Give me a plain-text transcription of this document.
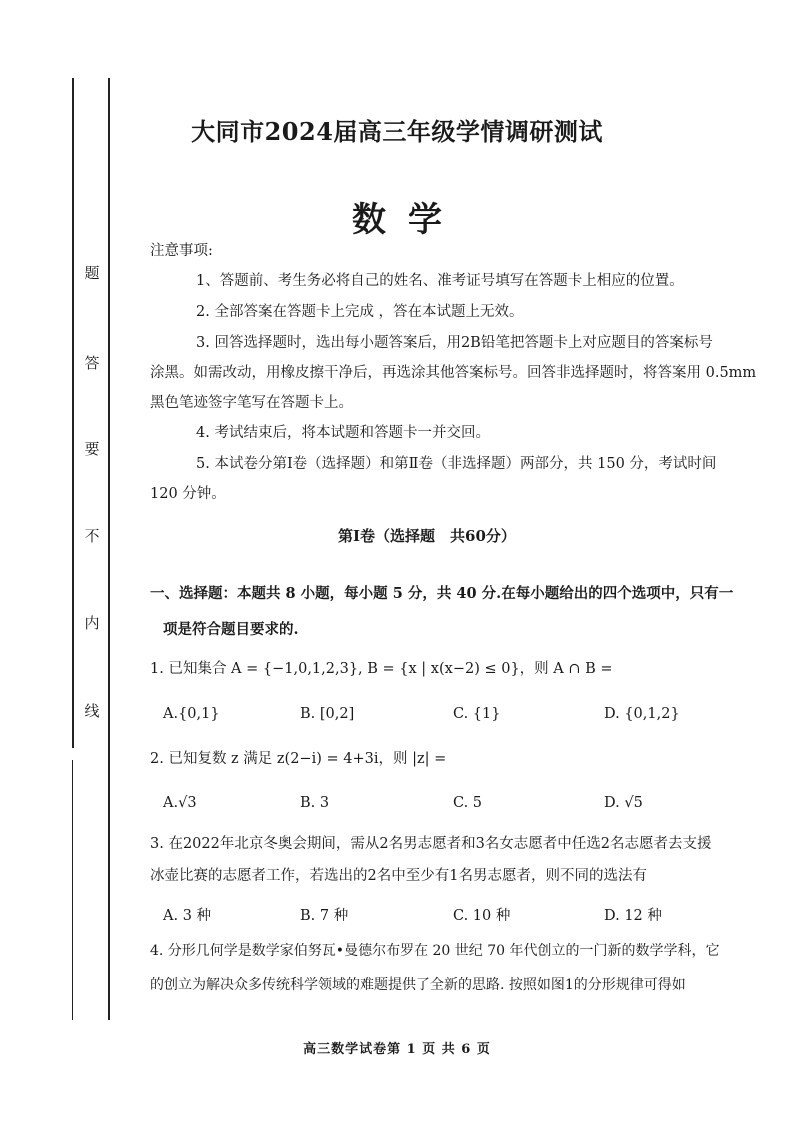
题
答
要
不
内
线
大同市2024届高三年级学情调研测试
数学
注意事项:
1、答题前、考生务必将自己的姓名、准考证号填写在答题卡上相应的位置。
2. 全部答案在答题卡上完成 ，答在本试题上无效。
3. 回答选择题时，选出每小题答案后，用2B铅笔把答题卡上对应题目的答案标号
涂黑。如需改动，用橡皮擦干净后，再选涂其他答案标号。回答非选择题时，将答案用 0.5mm
黑色笔迹签字笔写在答题卡上。
4. 考试结束后，将本试题和答题卡一并交回。
5. 本试卷分第Ⅰ卷（选择题）和第Ⅱ卷（非选择题）两部分，共 150 分，考试时间
120 分钟。
第Ⅰ卷（选择题　共60分）
一、选择题：本题共 8 小题，每小题 5 分，共 40 分.在每小题给出的四个选项中，只有一
项是符合题目要求的.
1. 已知集合 A = {−1,0,1,2,3}, B = {x | x(x−2) ≤ 0}，则 A ∩ B =
A.{0,1}	B. [0,2]	C. {1}	D. {0,1,2}
2. 已知复数 z 满足 z(2−i) = 4+3i，则 |z| =
A.√3	B. 3	C. 5	D. √5
3. 在2022年北京冬奥会期间，需从2名男志愿者和3名女志愿者中任选2名志愿者去支援
冰壶比赛的志愿者工作，若选出的2名中至少有1名男志愿者，则不同的选法有
A. 3 种	B. 7 种	C. 10 种	D. 12 种
4. 分形几何学是数学家伯努瓦•曼德尔布罗在 20 世纪 70 年代创立的一门新的数学学科，它
的创立为解决众多传统科学领域的难题提供了全新的思路. 按照如图1的分形规律可得如
高三数学试卷第 1 页 共 6 页
